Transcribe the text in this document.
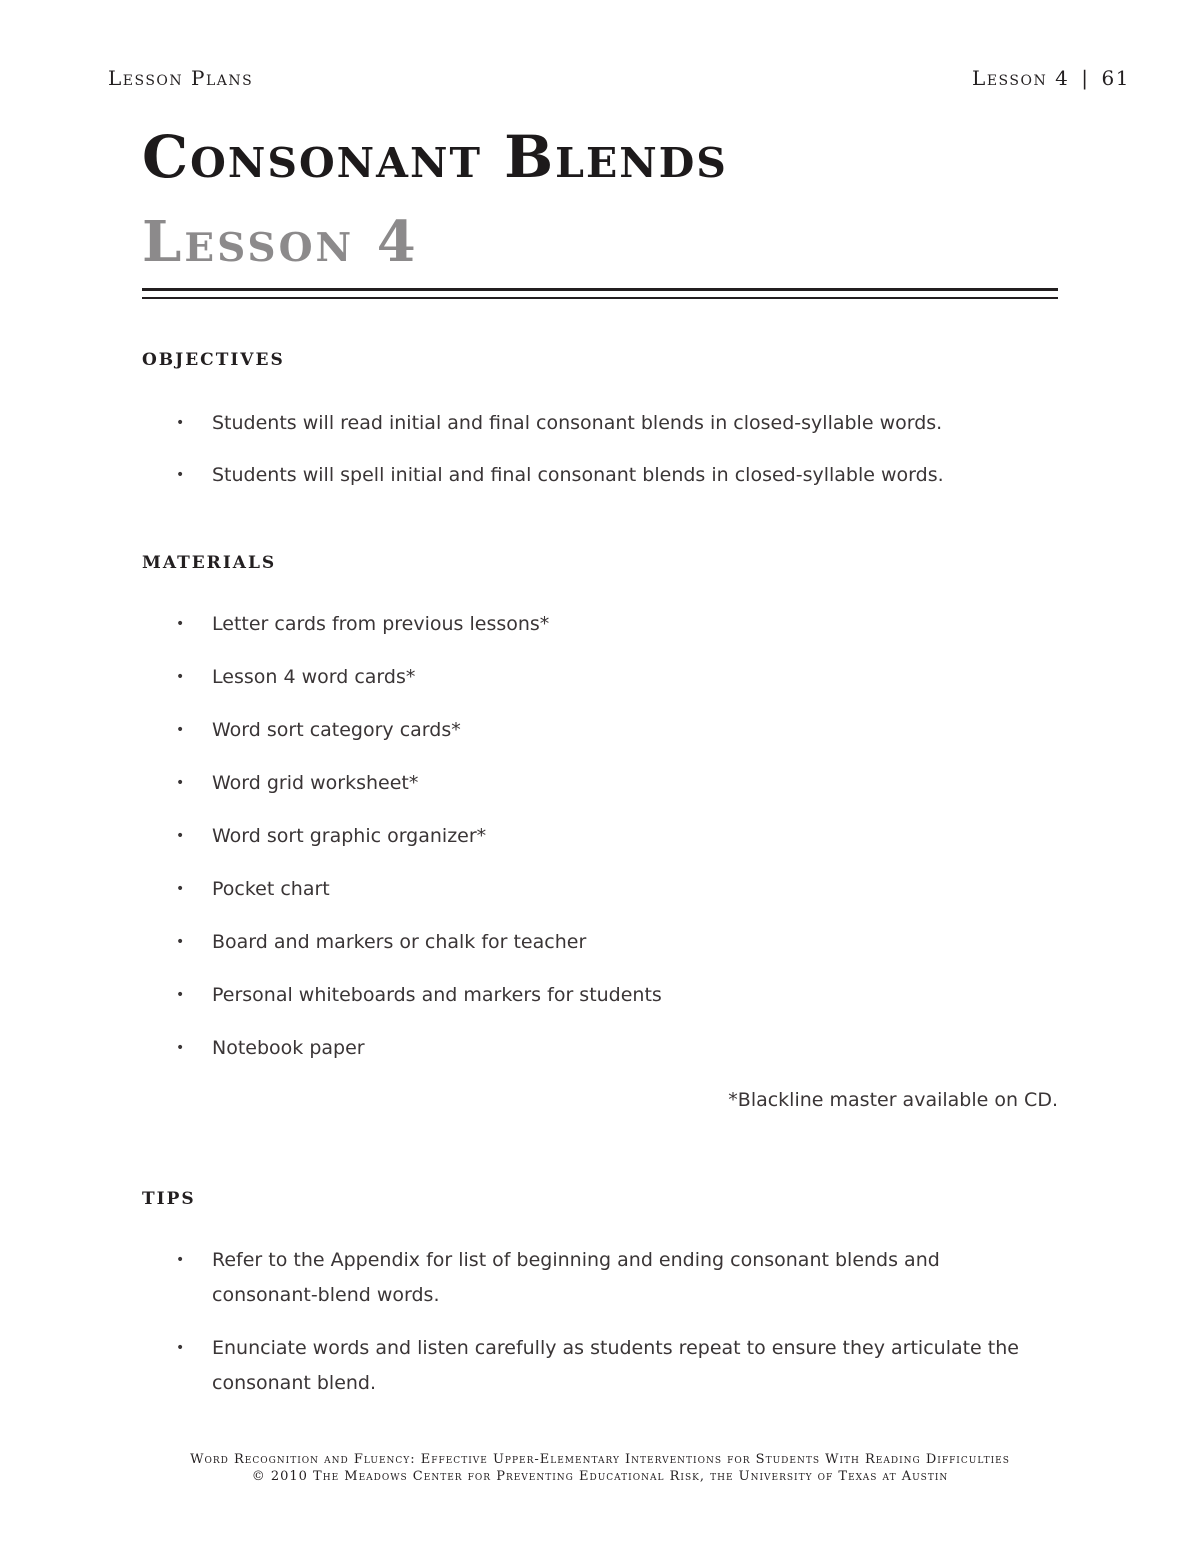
Lesson Plans	Lesson 4 | 61
Consonant Blends
Lesson 4
objectives
• Students will read initial and final consonant blends in closed-syllable words.
• Students will spell initial and final consonant blends in closed-syllable words.
materials
• Letter cards from previous lessons*
• Lesson 4 word cards*
• Word sort category cards*
• Word grid worksheet*
• Word sort graphic organizer*
• Pocket chart
• Board and markers or chalk for teacher
• Personal whiteboards and markers for students
• Notebook paper
*Blackline master available on CD.
tips
• Refer to the Appendix for list of beginning and ending consonant blends and consonant-blend words.
• Enunciate words and listen carefully as students repeat to ensure they articulate the consonant blend.
Word Recognition and Fluency: Effective Upper-Elementary Interventions for Students With Reading Difficulties
© 2010 The Meadows Center for Preventing Educational Risk, the University of Texas at Austin
